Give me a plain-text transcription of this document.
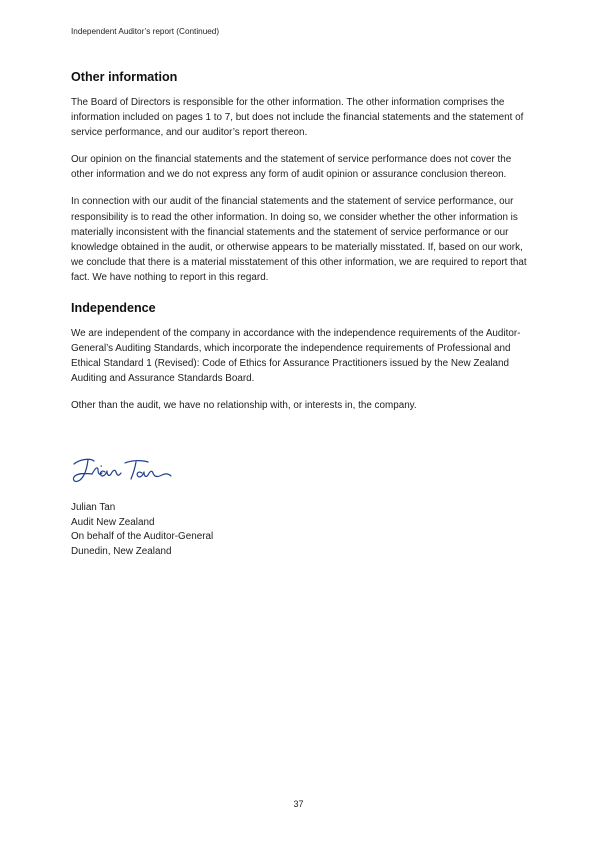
Independent Auditor’s report (Continued)
Other information

The Board of Directors is responsible for the other information. The other information comprises the information included on pages 1 to 7, but does not include the financial statements and the statement of service performance, and our auditor’s report thereon.

Our opinion on the financial statements and the statement of service performance does not cover the other information and we do not express any form of audit opinion or assurance conclusion thereon.

In connection with our audit of the financial statements and the statement of service performance, our responsibility is to read the other information. In doing so, we consider whether the other information is materially inconsistent with the financial statements and the statement of service performance or our knowledge obtained in the audit, or otherwise appears to be materially misstated. If, based on our work, we conclude that there is a material misstatement of this other information, we are required to report that fact. We have nothing to report in this regard.

Independence

We are independent of the company in accordance with the independence requirements of the Auditor-General’s Auditing Standards, which incorporate the independence requirements of Professional and Ethical Standard 1 (Revised): Code of Ethics for Assurance Practitioners issued by the New Zealand Auditing and Assurance Standards Board.

Other than the audit, we have no relationship with, or interests in, the company.

Julian Tan
Audit New Zealand
On behalf of the Auditor-General
Dunedin, New Zealand
37
